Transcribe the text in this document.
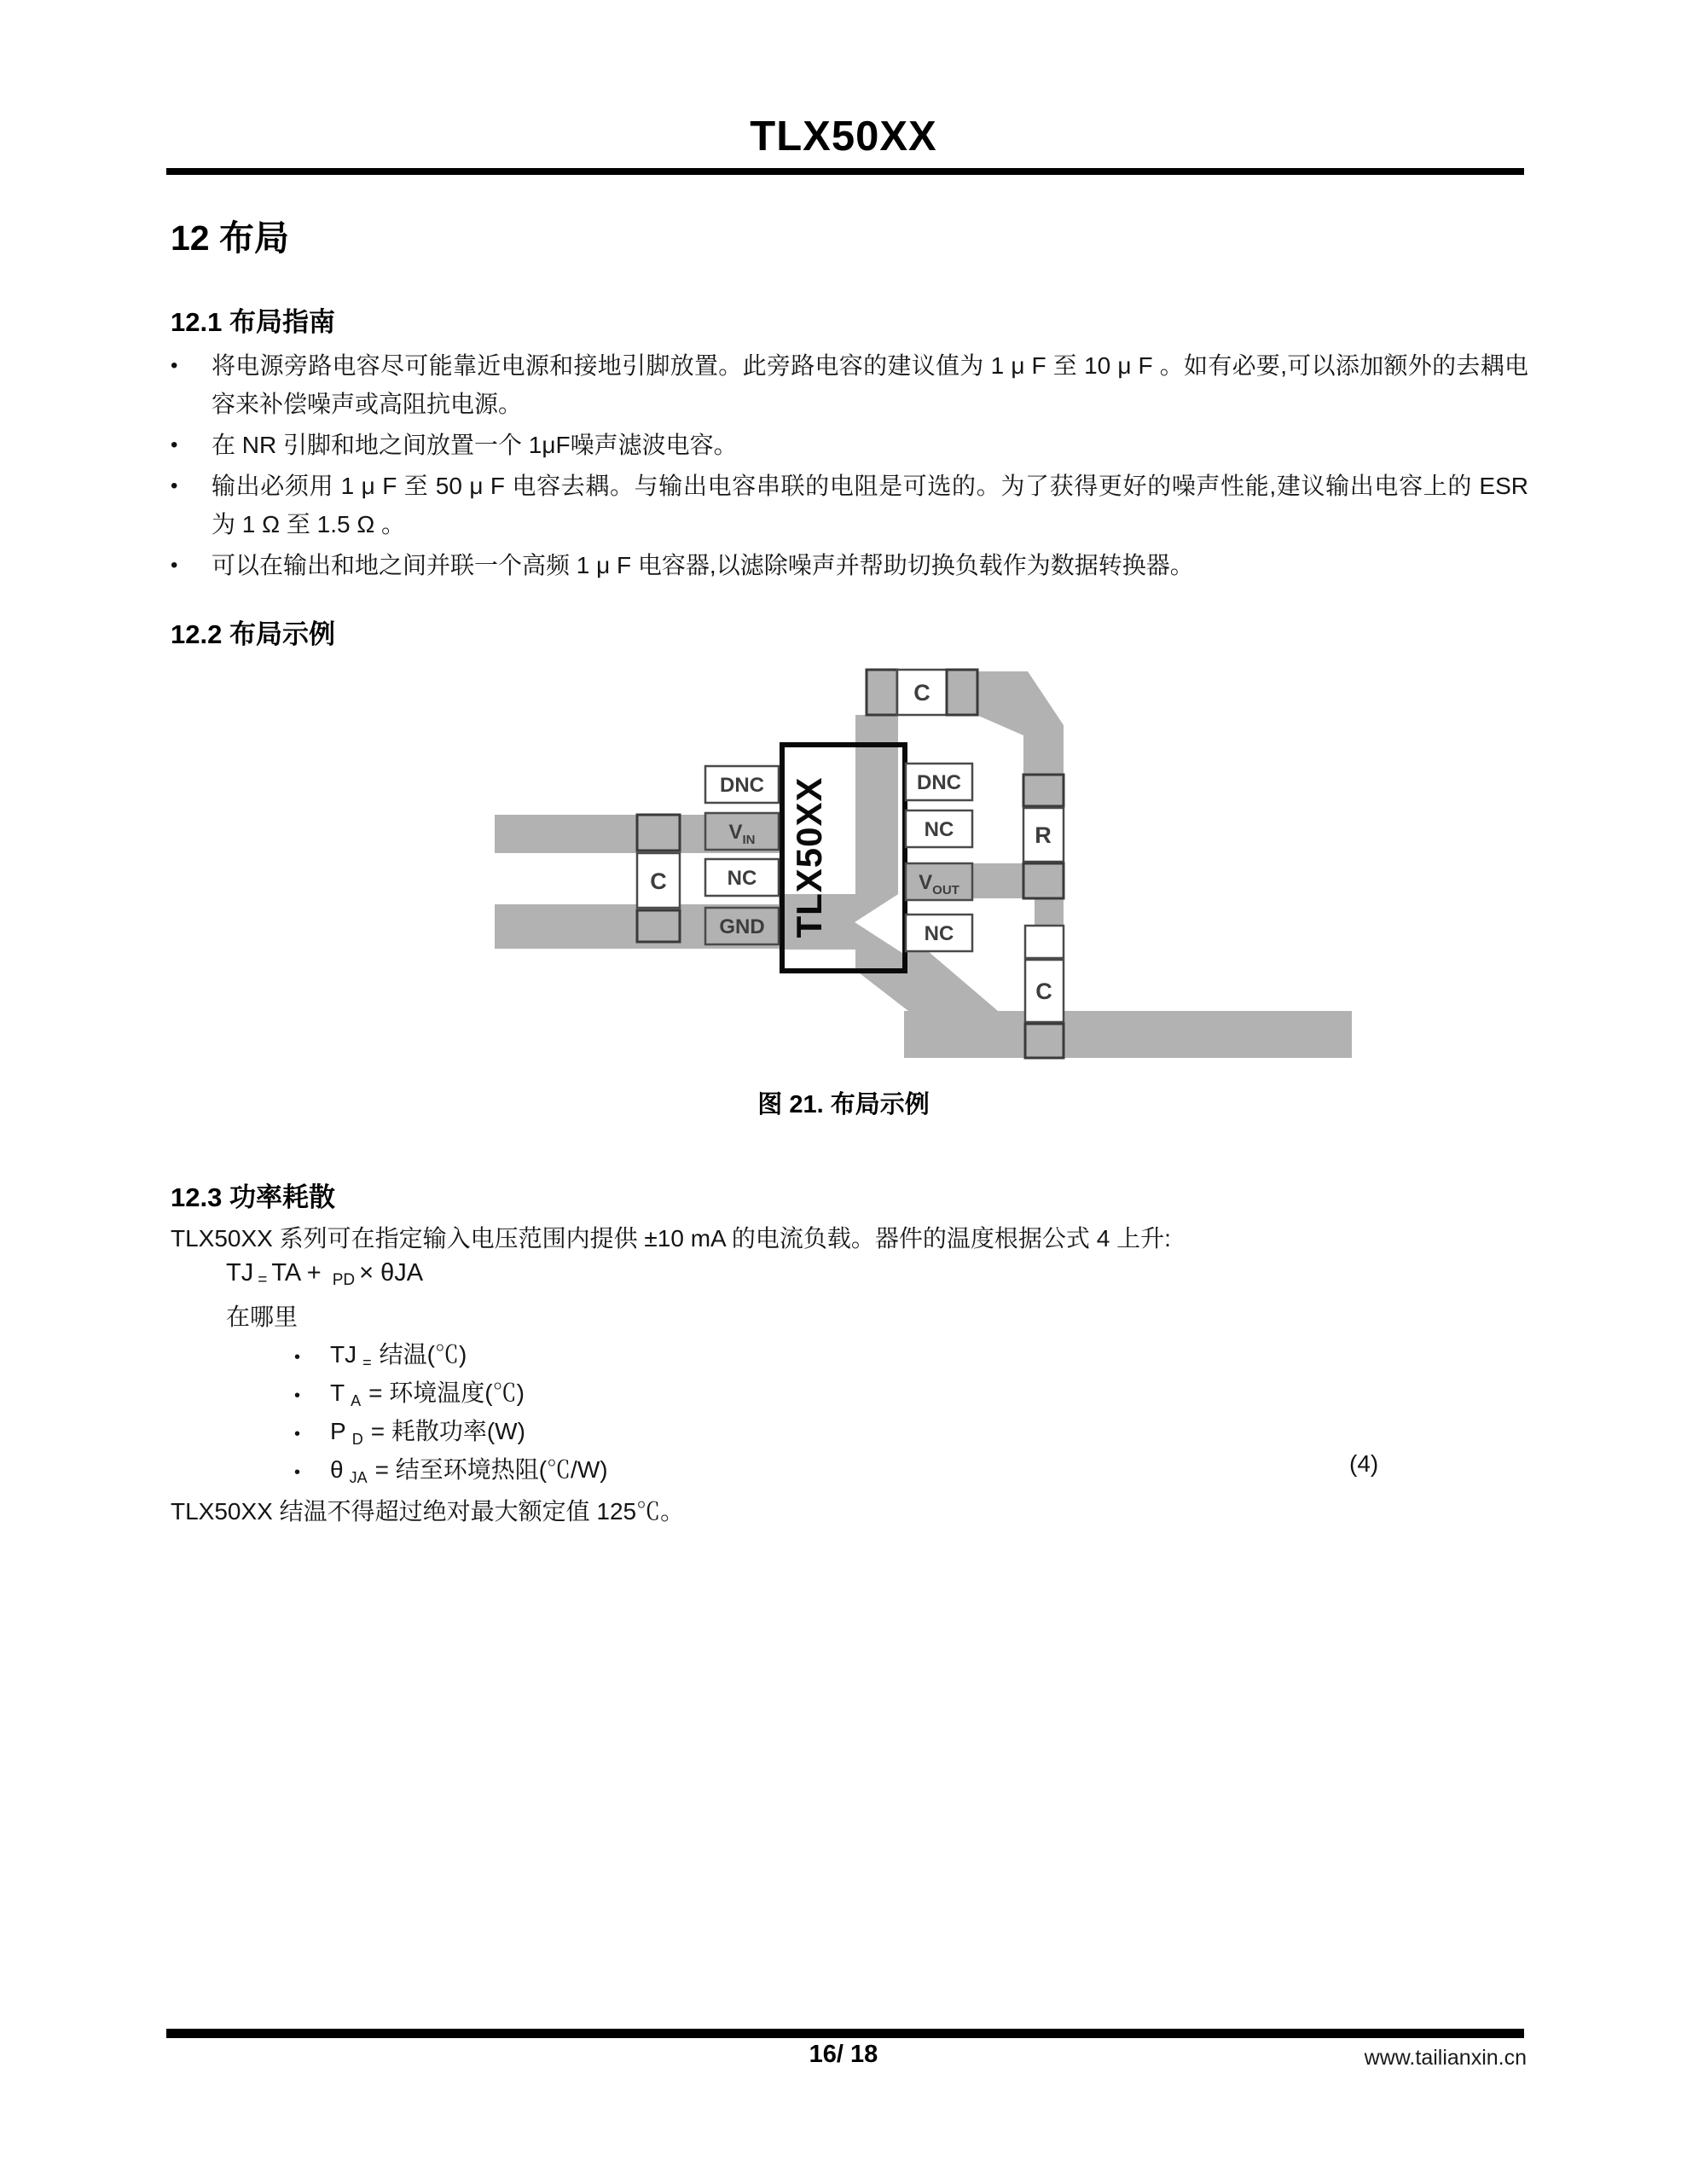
TLX50XX
12 布局
12.1 布局指南
•	将电源旁路电容尽可能靠近电源和接地引脚放置。此旁路电容的建议值为 1 μ F 至 10 μ F 。如有必要,可以添加额外的去耦电容来补偿噪声或高阻抗电源。
•	在 NR 引脚和地之间放置一个 1μF噪声滤波电容。
•	输出必须用 1 μ F 至 50 μ F 电容去耦。与输出电容串联的电阻是可选的。为了获得更好的噪声性能,建议输出电容上的 ESR 为 1 Ω 至 1.5 Ω 。
•	可以在输出和地之间并联一个高频 1 μ F 电容器,以滤除噪声并帮助切换负载作为数据转换器。
12.2 布局示例
TLX50XX
C
C
R
C
DNC
$V_{IN}$
NC
GND
DNC
NC
$V_{OUT}$
NC
图 21. 布局示例
12.3 功率耗散
TLX50XX 系列可在指定输入电压范围内提供 ±10 mA 的电流负载。器件的温度根据公式 4 上升:
TJ = TA + PD × θJA
在哪里
•	TJ = 结温(℃)
•	T A = 环境温度(℃)
•	P D = 耗散功率(W)
•	θ JA = 结至环境热阻(℃/W)	(4)
TLX50XX 结温不得超过绝对最大额定值 125℃。
16/ 18	www.tailianxin.cn
